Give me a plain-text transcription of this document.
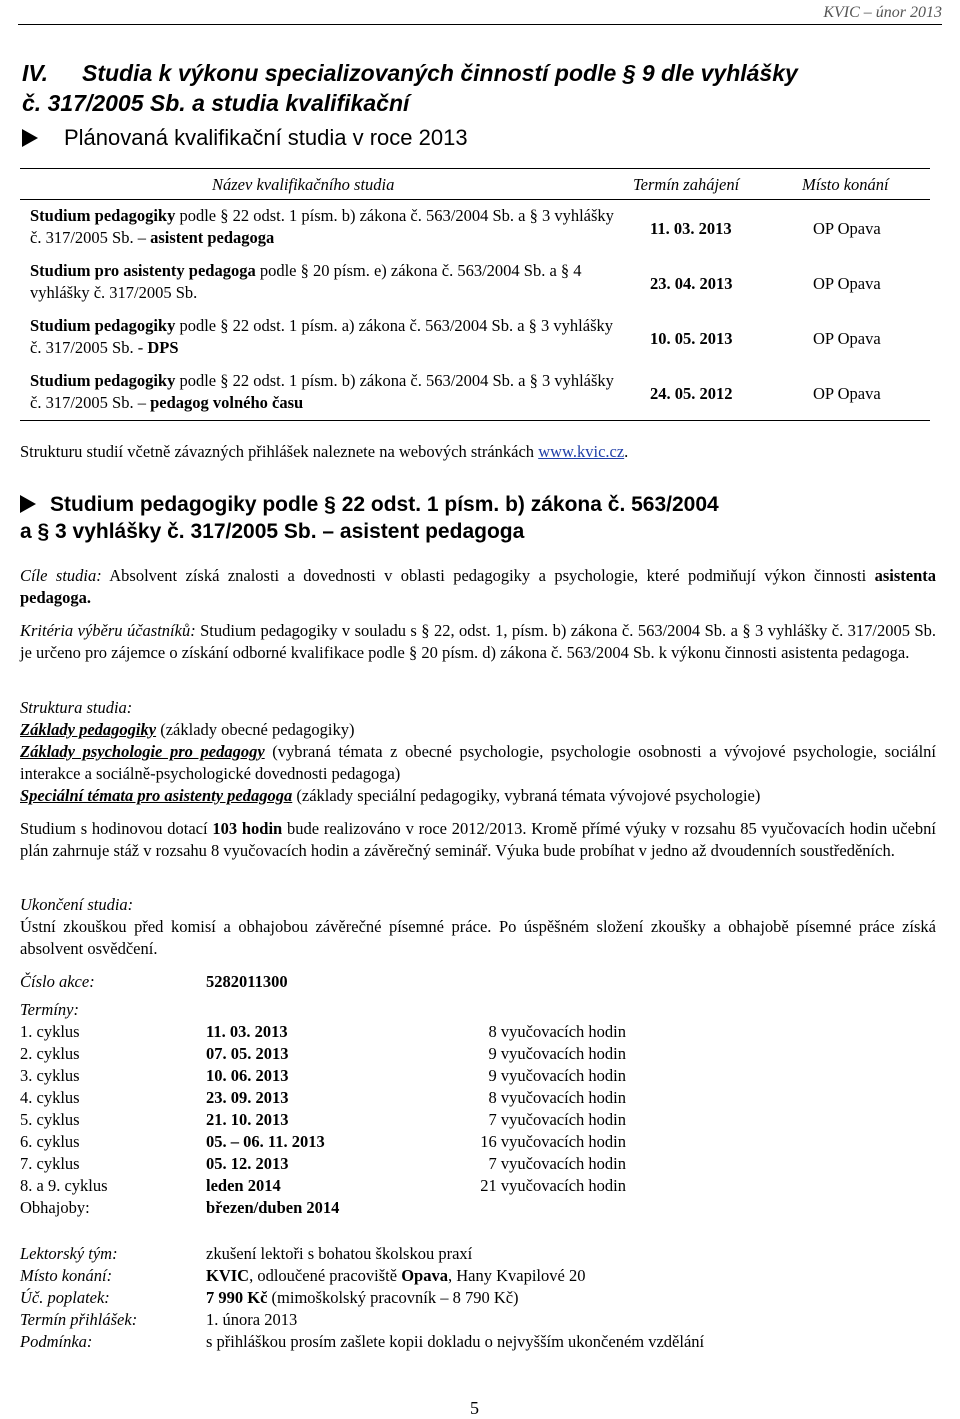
KVIC – únor 2013
IV. Studia k výkonu specializovaných činností podle § 9 dle vyhlášky
č. 317/2005 Sb. a studia kvalifikační
Plánovaná kvalifikační studia v roce 2013
Název kvalifikačního studia	Termín zahájení	Místo konání
Studium pedagogiky podle § 22 odst. 1 písm. b) zákona č. 563/2004 Sb. a § 3 vyhlášky č. 317/2005 Sb. – asistent pedagoga	11. 03. 2013	OP Opava
Studium pro asistenty pedagoga podle § 20 písm. e) zákona č. 563/2004 Sb. a § 4 vyhlášky č. 317/2005 Sb.	23. 04. 2013	OP Opava
Studium pedagogiky podle § 22 odst. 1 písm. a) zákona č. 563/2004 Sb. a § 3 vyhlášky č. 317/2005 Sb. - DPS	10. 05. 2013	OP Opava
Studium pedagogiky podle § 22 odst. 1 písm. b) zákona č. 563/2004 Sb. a § 3 vyhlášky č. 317/2005 Sb. – pedagog volného času	24. 05. 2012	OP Opava
Strukturu studií včetně závazných přihlášek naleznete na webových stránkách www.kvic.cz.
Studium pedagogiky podle § 22 odst. 1 písm. b) zákona č. 563/2004
a § 3 vyhlášky č. 317/2005 Sb. – asistent pedagoga
Cíle studia: Absolvent získá znalosti a dovednosti v oblasti pedagogiky a psychologie, které podmiňují výkon činnosti asistenta pedagoga.
Kritéria výběru účastníků: Studium pedagogiky v souladu s § 22, odst. 1, písm. b) zákona č. 563/2004 Sb. a § 3 vyhlášky č. 317/2005 Sb. je určeno pro zájemce o získání odborné kvalifikace podle § 20 písm. d) zákona č. 563/2004 Sb. k výkonu činnosti asistenta pedagoga.
Struktura studia:
Základy pedagogiky (základy obecné pedagogiky)
Základy psychologie pro pedagogy (vybraná témata z obecné psychologie, psychologie osobnosti a vývojové psychologie, sociální interakce a sociálně-psychologické dovednosti pedagoga)
Speciální témata pro asistenty pedagoga (základy speciální pedagogiky, vybraná témata vývojové psychologie)
Studium s hodinovou dotací 103 hodin bude realizováno v roce 2012/2013. Kromě přímé výuky v rozsahu 85 vyučovacích hodin učební plán zahrnuje stáž v rozsahu 8 vyučovacích hodin a závěrečný seminář. Výuka bude probíhat v jedno až dvoudenních soustředěních.
Ukončení studia:
Ústní zkouškou před komisí a obhajobou závěrečné písemné práce. Po úspěšném složení zkoušky a obhajobě písemné práce získá absolvent osvědčení.
Číslo akce:	5282011300
Termíny:
1. cyklus	11. 03. 2013	8 vyučovacích hodin
2. cyklus	07. 05. 2013	9 vyučovacích hodin
3. cyklus	10. 06. 2013	9 vyučovacích hodin
4. cyklus	23. 09. 2013	8 vyučovacích hodin
5. cyklus	21. 10. 2013	7 vyučovacích hodin
6. cyklus	05. – 06. 11. 2013	16 vyučovacích hodin
7. cyklus	05. 12. 2013	7 vyučovacích hodin
8. a 9. cyklus	leden 2014	21 vyučovacích hodin
Obhajoby:	březen/duben 2014
Lektorský tým:	zkušení lektoři s bohatou školskou praxí
Místo konání:	KVIC, odloučené pracoviště Opava, Hany Kvapilové 20
Úč. poplatek:	7 990 Kč (mimoškolský pracovník – 8 790 Kč)
Termín přihlášek:	1. února 2013
Podmínka:	s přihláškou prosím zašlete kopii dokladu o nejvyšším ukončeném vzdělání
5
